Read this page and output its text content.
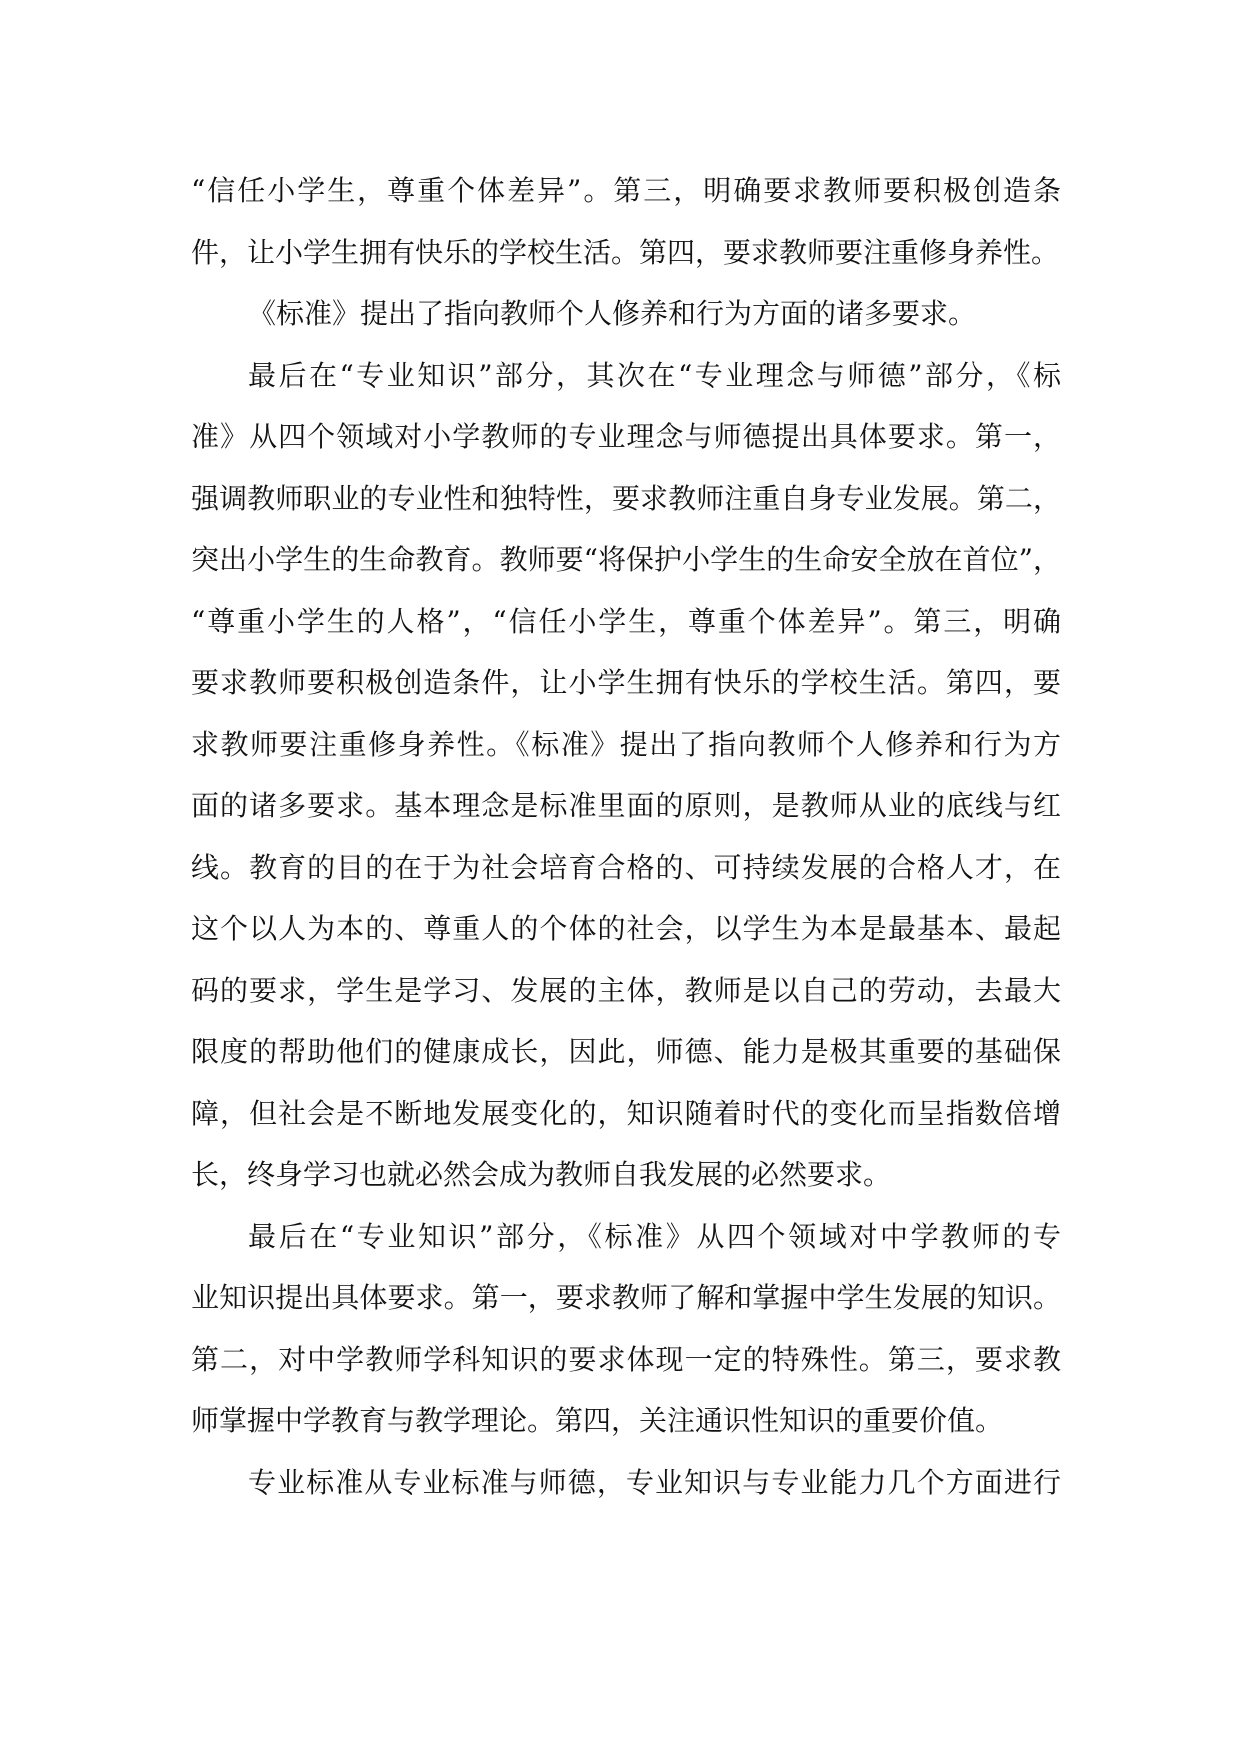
“信任小学生，尊重个体差异”。第三，明确要求教师要积极创造条
件，让小学生拥有快乐的学校生活。第四，要求教师要注重修身养性。
《标准》提出了指向教师个人修养和行为方面的诸多要求。
最后在“专业知识”部分，其次在“专业理念与师德”部分，《标
准》从四个领域对小学教师的专业理念与师德提出具体要求。第一，
强调教师职业的专业性和独特性，要求教师注重自身专业发展。第二，
突出小学生的生命教育。教师要“将保护小学生的生命安全放在首位”，
“尊重小学生的人格”，“信任小学生，尊重个体差异”。第三，明确
要求教师要积极创造条件，让小学生拥有快乐的学校生活。第四，要
求教师要注重修身养性。《标准》提出了指向教师个人修养和行为方
面的诸多要求。基本理念是标准里面的原则，是教师从业的底线与红
线。教育的目的在于为社会培育合格的、可持续发展的合格人才，在
这个以人为本的、尊重人的个体的社会，以学生为本是最基本、最起
码的要求，学生是学习、发展的主体，教师是以自己的劳动，去最大
限度的帮助他们的健康成长，因此，师德、能力是极其重要的基础保
障，但社会是不断地发展变化的，知识随着时代的变化而呈指数倍增
长，终身学习也就必然会成为教师自我发展的必然要求。
最后在“专业知识”部分，《标准》从四个领域对中学教师的专
业知识提出具体要求。第一，要求教师了解和掌握中学生发展的知识。
第二，对中学教师学科知识的要求体现一定的特殊性。第三，要求教
师掌握中学教育与教学理论。第四，关注通识性知识的重要价值。
专业标准从专业标准与师德，专业知识与专业能力几个方面进行
